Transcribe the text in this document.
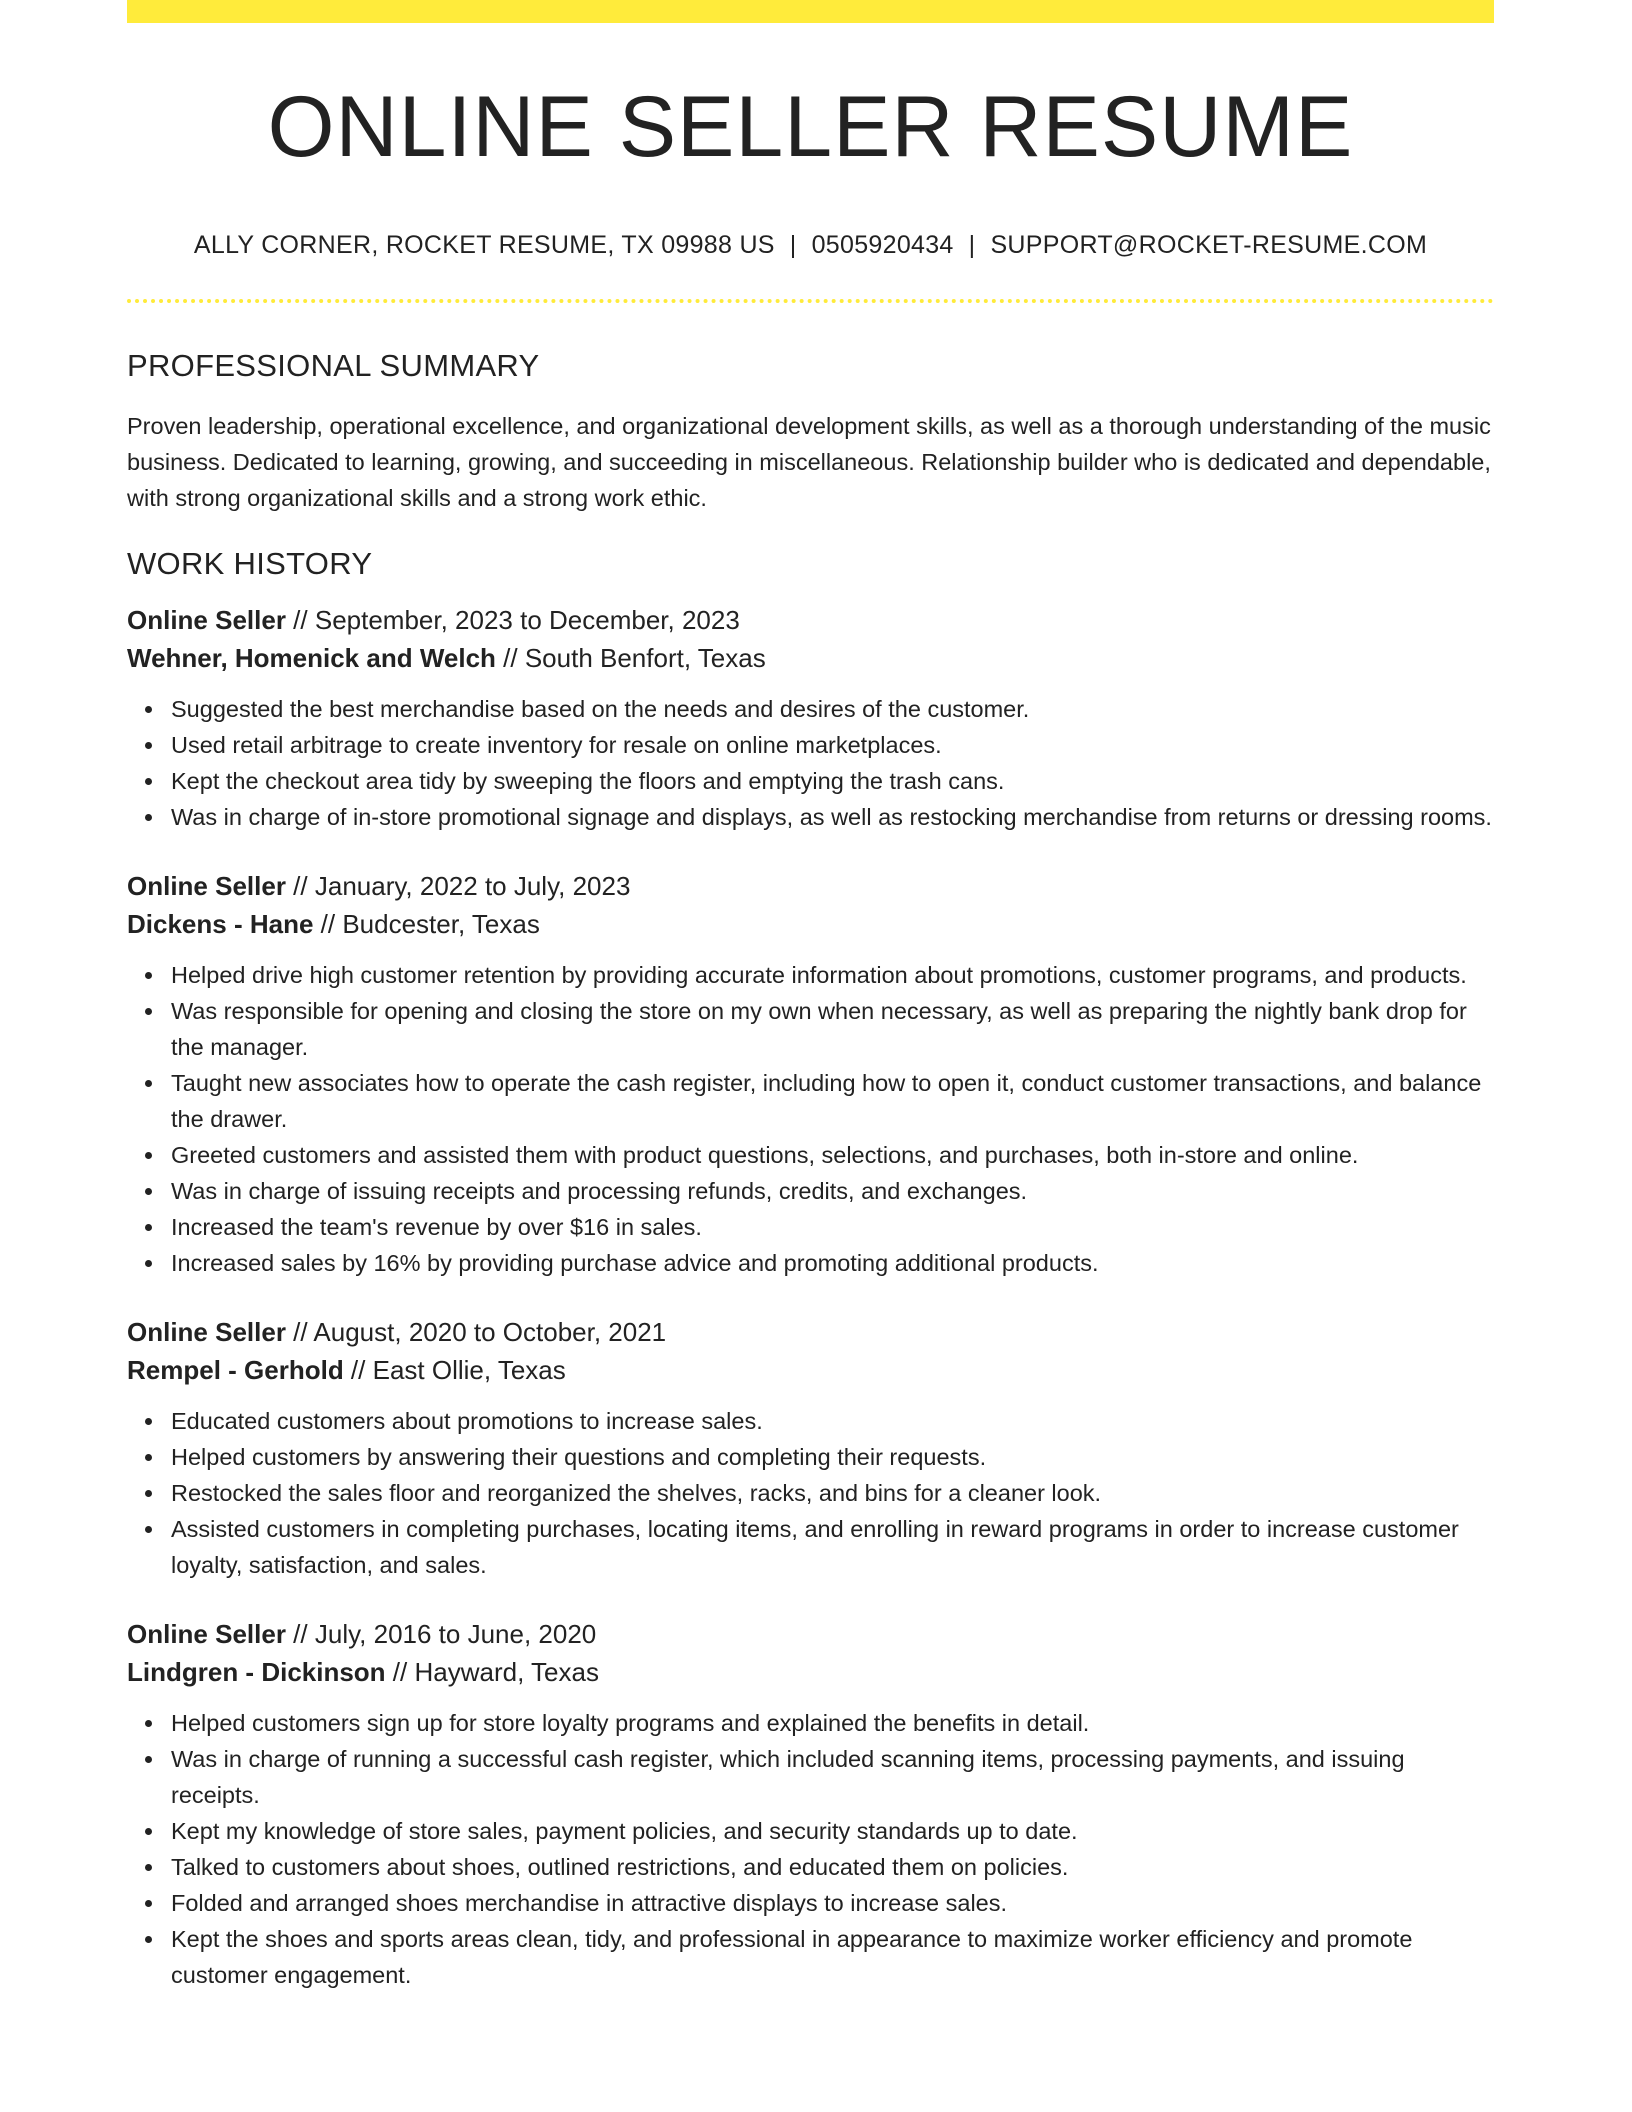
ONLINE SELLER RESUME
ALLY CORNER, ROCKET RESUME, TX 09988 US | 0505920434 | SUPPORT@ROCKET-RESUME.COM
PROFESSIONAL SUMMARY

Proven leadership, operational excellence, and organizational development skills, as well as a thorough understanding of the music business. Dedicated to learning, growing, and succeeding in miscellaneous. Relationship builder who is dedicated and dependable, with strong organizational skills and a strong work ethic.

WORK HISTORY
Online Seller // September, 2023 to December, 2023
Wehner, Homenick and Welch // South Benfort, Texas
Suggested the best merchandise based on the needs and desires of the customer.
Used retail arbitrage to create inventory for resale on online marketplaces.
Kept the checkout area tidy by sweeping the floors and emptying the trash cans.
Was in charge of in-store promotional signage and displays, as well as restocking merchandise from returns or dressing rooms.
Online Seller // January, 2022 to July, 2023
Dickens - Hane // Budcester, Texas
Helped drive high customer retention by providing accurate information about promotions, customer programs, and products.
Was responsible for opening and closing the store on my own when necessary, as well as preparing the nightly bank drop for the manager.
Taught new associates how to operate the cash register, including how to open it, conduct customer transactions, and balance the drawer.
Greeted customers and assisted them with product questions, selections, and purchases, both in-store and online.
Was in charge of issuing receipts and processing refunds, credits, and exchanges.
Increased the team's revenue by over $16 in sales.
Increased sales by 16% by providing purchase advice and promoting additional products.
Online Seller // August, 2020 to October, 2021
Rempel - Gerhold // East Ollie, Texas
Educated customers about promotions to increase sales.
Helped customers by answering their questions and completing their requests.
Restocked the sales floor and reorganized the shelves, racks, and bins for a cleaner look.
Assisted customers in completing purchases, locating items, and enrolling in reward programs in order to increase customer loyalty, satisfaction, and sales.
Online Seller // July, 2016 to June, 2020
Lindgren - Dickinson // Hayward, Texas
Helped customers sign up for store loyalty programs and explained the benefits in detail.
Was in charge of running a successful cash register, which included scanning items, processing payments, and issuing receipts.
Kept my knowledge of store sales, payment policies, and security standards up to date.
Talked to customers about shoes, outlined restrictions, and educated them on policies.
Folded and arranged shoes merchandise in attractive displays to increase sales.
Kept the shoes and sports areas clean, tidy, and professional in appearance to maximize worker efficiency and promote customer engagement.
